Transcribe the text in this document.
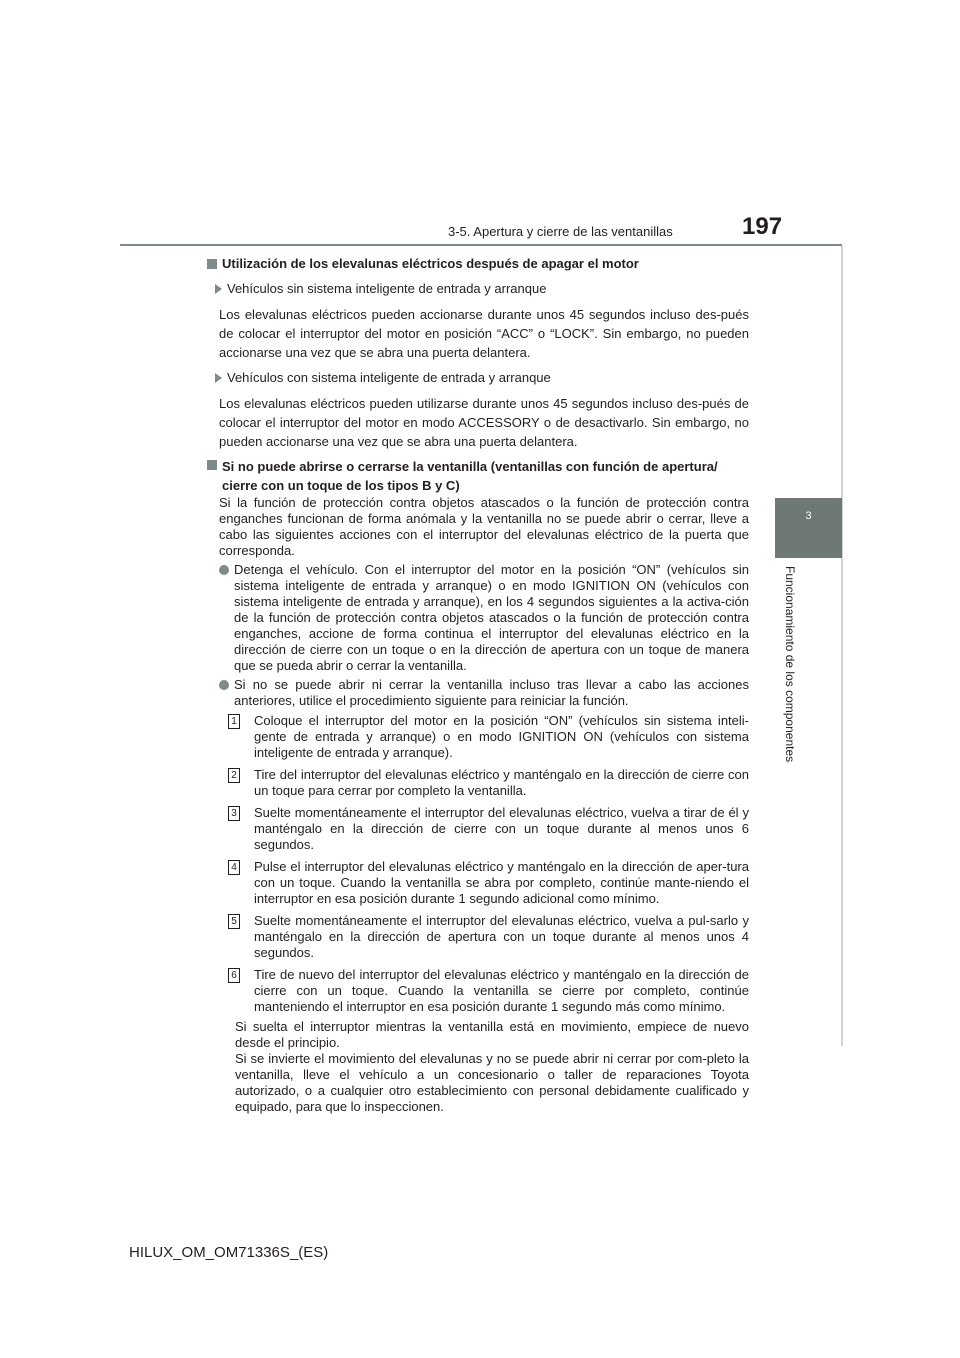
3-5. Apertura y cierre de las ventanillas	197
3
Funcionamiento de los componentes

Utilización de los elevalunas eléctricos después de apagar el motor

Vehículos sin sistema inteligente de entrada y arranque

Los elevalunas eléctricos pueden accionarse durante unos 45 segundos incluso des-pués de colocar el interruptor del motor en posición “ACC” o “LOCK”. Sin embargo, no pueden accionarse una vez que se abra una puerta delantera.

Vehículos con sistema inteligente de entrada y arranque

Los elevalunas eléctricos pueden utilizarse durante unos 45 segundos incluso des-pués de colocar el interruptor del motor en modo ACCESSORY o de desactivarlo. Sin embargo, no pueden accionarse una vez que se abra una puerta delantera.

Si no puede abrirse o cerrarse la ventanilla (ventanillas con función de apertura/ cierre con un toque de los tipos B y C)

Si la función de protección contra objetos atascados o la función de protección contra enganches funcionan de forma anómala y la ventanilla no se puede abrir o cerrar, lleve a cabo las siguientes acciones con el interruptor del elevalunas eléctrico de la puerta que corresponda.

Detenga el vehículo. Con el interruptor del motor en la posición “ON” (vehículos sin sistema inteligente de entrada y arranque) o en modo IGNITION ON (vehículos con sistema inteligente de entrada y arranque), en los 4 segundos siguientes a la activa-ción de la función de protección contra objetos atascados o la función de protección contra enganches, accione de forma continua el interruptor del elevalunas eléctrico en la dirección de cierre con un toque o en la dirección de apertura con un toque de manera que se pueda abrir o cerrar la ventanilla.

Si no se puede abrir ni cerrar la ventanilla incluso tras llevar a cabo las acciones anteriores, utilice el procedimiento siguiente para reiniciar la función.

1 Coloque el interruptor del motor en la posición “ON” (vehículos sin sistema inteli-gente de entrada y arranque) o en modo IGNITION ON (vehículos con sistema inteligente de entrada y arranque).

2 Tire del interruptor del elevalunas eléctrico y manténgalo en la dirección de cierre con un toque para cerrar por completo la ventanilla.

3 Suelte momentáneamente el interruptor del elevalunas eléctrico, vuelva a tirar de él y manténgalo en la dirección de cierre con un toque durante al menos unos 6 segundos.

4 Pulse el interruptor del elevalunas eléctrico y manténgalo en la dirección de aper-tura con un toque. Cuando la ventanilla se abra por completo, continúe mante-niendo el interruptor en esa posición durante 1 segundo adicional como mínimo.

5 Suelte momentáneamente el interruptor del elevalunas eléctrico, vuelva a pul-sarlo y manténgalo en la dirección de apertura con un toque durante al menos unos 4 segundos.

6 Tire de nuevo del interruptor del elevalunas eléctrico y manténgalo en la dirección de cierre con un toque. Cuando la ventanilla se cierre por completo, continúe manteniendo el interruptor en esa posición durante 1 segundo más como mínimo.

Si suelta el interruptor mientras la ventanilla está en movimiento, empiece de nuevo desde el principio.

Si se invierte el movimiento del elevalunas y no se puede abrir ni cerrar por com-pleto la ventanilla, lleve el vehículo a un concesionario o taller de reparaciones Toyota autorizado, o a cualquier otro establecimiento con personal debidamente cualificado y equipado, para que lo inspeccionen.

HILUX_OM_OM71336S_(ES)
